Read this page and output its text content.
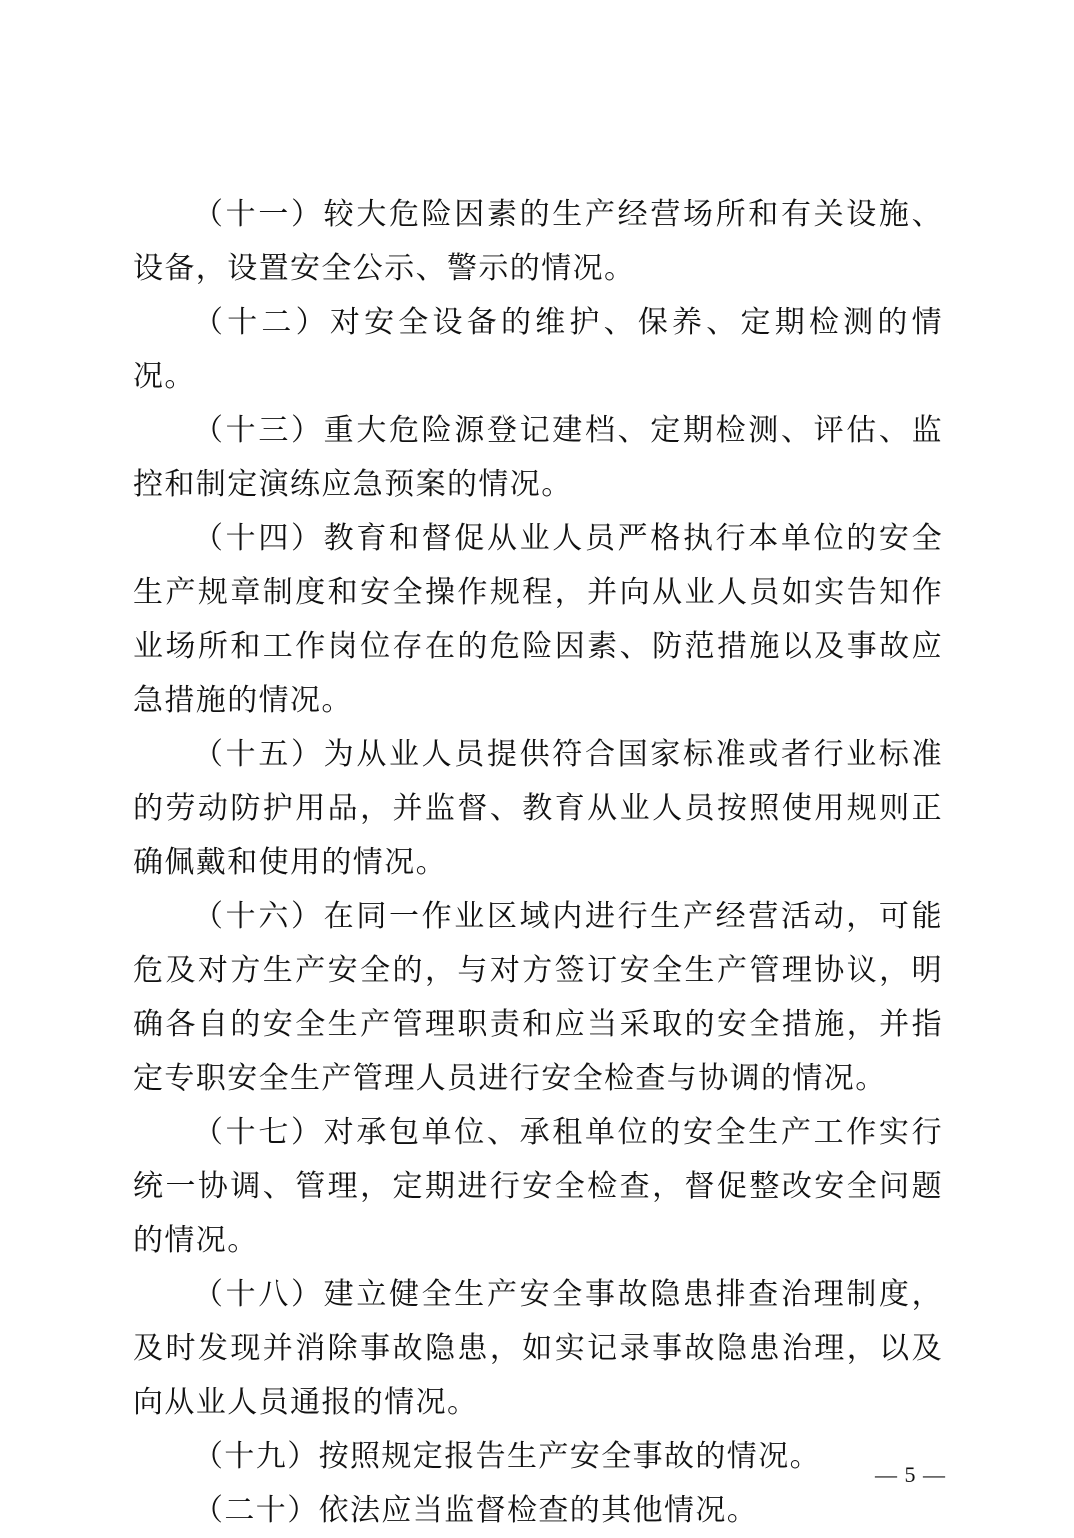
（十一）较大危险因素的生产经营场所和有关设施、设备，设置安全公示、警示的情况。

（十二）对安全设备的维护、保养、定期检测的情况。

（十三）重大危险源登记建档、定期检测、评估、监控和制定演练应急预案的情况。

（十四）教育和督促从业人员严格执行本单位的安全生产规章制度和安全操作规程，并向从业人员如实告知作业场所和工作岗位存在的危险因素、防范措施以及事故应急措施的情况。

（十五）为从业人员提供符合国家标准或者行业标准的劳动防护用品，并监督、教育从业人员按照使用规则正确佩戴和使用的情况。

（十六）在同一作业区域内进行生产经营活动，可能危及对方生产安全的，与对方签订安全生产管理协议，明确各自的安全生产管理职责和应当采取的安全措施，并指定专职安全生产管理人员进行安全检查与协调的情况。

（十七）对承包单位、承租单位的安全生产工作实行统一协调、管理，定期进行安全检查，督促整改安全问题的情况。

（十八）建立健全生产安全事故隐患排查治理制度，及时发现并消除事故隐患，如实记录事故隐患治理，以及向从业人员通报的情况。

（十九）按照规定报告生产安全事故的情况。

（二十）依法应当监督检查的其他情况。

— 5 —
